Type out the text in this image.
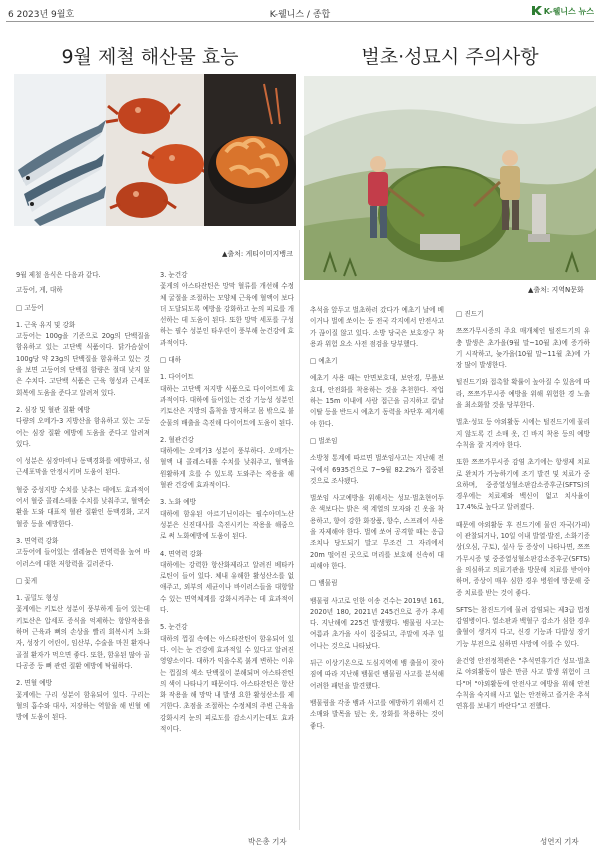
6 2023년 9월호	K-웰니스 / 종합	K-웰니스 뉴스
9월 제철 해산물 효능
▲출처: 게티이미지뱅크

9월 제철 음식은 다음과 같다.

고등어, 게, 대하

□ 고등어

1. 근육 유지 및 강화

고등어는 100g을 기준으로 20g의 단백질을 함유하고 있는 고단백 식품이다. 닭가슴살이 100g당 약 23g의 단백질을 함유하고 있는 것을 보면 고등어의 단백질 함량은 절대 낮지 않은 수치다. 고단백 식품은 근육 형성과 근세포 회복에 도움을 준다고 알려져 있다.

2. 심장 및 혈관 질환 예방

다량의 오메가-3 지방산을 함유하고 있는 고등어는 심장 질환 예방에 도움을 준다고 알려져 있다.

이 성분은 심장마비나 동맥경화를 예방하고, 심근세포막을 안정시키며 도움이 된다.

혈중 중성지방 수치를 낮추는 데에도 효과적이어서 혈중 콜레스테롤 수치를 낮춰주고, 혈액순환을 도와 대표적 혈관 질환인 동맥경화, 고지혈증 등을 예방한다.

3. 면역력 강화

고등어에 들어있는 셀레늄은 면역력을 높여 바이러스에 대한 저항력을 길러준다.

□ 꽃게

1. 골밀도 형성

꽃게에는 키토산 성분이 풍부하게 들어 있는데 키토산은 압세포 증식을 억제하는 항암작용을 하며 근육과 뼈의 손상을 빨리 회복시켜 노화자, 성장기 어린이, 임산부, 수술을 마친 환자나 골절 환자가 먹으면 좋다. 또한, 함유된 많아 골다공증 등 뼈 관련 질환 예방에 탁월하다.

2. 면혈 예방

꽃게에는 구리 성분이 함유되어 있다. 구리는 혈의 흡수와 대사, 저장하는 역할을 해 빈혈 예방에 도움이 된다.

3. 눈건강

꽃게의 아스타잔틴은 망막 혈류를 개선해 수정체 굴절을 조절하는 모양체 근육에 혈액이 보다 더 도달되도록 예방을 강화하고 눈의 피로를 개선하는 데 도움이 된다. 또한 망막 세포를 구성하는 필수 성분인 타우린이 풍부해 눈건강에 효과적이다.

□ 대하

1. 다이어트

대하는 고단백 저지방 식품으로 다이어트에 효과적이다. 대하에 들어있는 건강 기능성 성분인 키토산은 지방의 흡착을 방지하고 몸 밖으로 불순물의 배출을 촉진해 다이어트에 도움이 된다.

2. 혈관건강

대하에는 오메가3 성분이 풍부하다. 오메가는 혈액 내 콜레스테롤 수치를 낮춰주고, 혈액을 원활하게 흐를 수 있도록 도와주는 작용을 해 혈관 건강에 효과적이다.

3. 노화 예방

대하에 함유된 아르기닌이라는 필수아미노산 성분은 신진대사를 촉진시키는 작용을 해줌으로 써 노화예방에 도움이 된다.

4. 면역력 강화

대하에는 강력한 항산화제라고 알려진 베타카로틴이 들어 있다. 체내 유해한 활성산소를 없애주고, 외부의 세균이나 바이러스들을 대항할 수 있는 면역체계를 강화시켜주는 데 효과적이다.

5. 눈건강

대하의 껍질 속에는 아스타잔틴이 함유되어 있다. 이는 눈 건강에 효과적일 수 있다고 알려진 영양소이다. 대하가 익을수록 붉게 변하는 이유는 껍질의 색소 단백질이 분해되며 아스타잔틴의 색이 나타나기 때문이다. 아스타잔틴은 항산화 작용을 해 망막 내 발생 요한 활성산소를 제거한다. 초점을 조절하는 수정체의 주변 근육을 강화시켜 눈의 피로도를 감소시키는데도 효과적이다.

박은총 기자
벌초·성묘시 주의사항
▲출처: 지역N문화

추석을 앞두고 벌초하러 갔다가 예초기 날에 베이거나 벌에 쏘이는 등 전국 각지에서 안전사고가 끊이질 않고 있다. 소방 당국은 보호장구 착용과 위험 요소 사전 점검을 당부했다.

□ 예초기

예초기 사용 때는 안면보호대, 보안경, 무릎보호대, 안전화를 착용하는 것을 추천한다. 작업하는 15m 이내에 사람 접근을 금지하고 칼날 이탈 등을 반드시 예초기 동력을 차단후 제거해야 한다.

□ 벌쏘임

소방청 통계에 따르면 벌쏘임사고는 지난해 전국에서 6935건으로 7~9월 82.2%가 집중된 것으로 조사됐다.

벌쏘임 사고예방을 위해서는 성묘·벌초현어두운 색보다는 밝은 색 계열의 모자와 긴 옷을 착용하고, 향이 강한 화장품, 향수, 스프레이 사용을 자제해야 한다. 벌에 쏘여 공격할 때는 응급조치나 당도되기 말고 무조건 그 자리에서 20m 떨어진 곳으로 머리를 보호해 신속히 대피해야 한다.

□ 뱀물림

뱀물림 사고로 인한 이송 건수는 2019년 161, 2020년 180, 2021년 245건으로 증가 추세다. 지난해에 225건 발생했다. 뱀물림 사고는 여름과 초가을 사이 집중되고, 주말에 자주 일어나는 것으로 나타났다.

뒤근 이상기온으로 도심지역에 뱀 출몰이 잦아짐에 따라 지난해 뱀물린 뱀물림 사고를 분석해 어려한 패턴을 발견했다.

뱀물림을 각종 뱀과 사고를 예방하기 위해서 긴 소매와 발목을 덮는 옷, 장화를 착용하는 것이 좋다.

□ 진드기

쯔쯔가무시증의 주요 매개체인 털진드기의 유충 발생은 초가을(9월 말~10월 초)에 증가하기 시작하고, 늦가을(10월 말~11월 초)에 가장 많이 발생한다.

털진드기와 접촉할 확률이 높아질 수 있음에 따라, 쯔쯔가무시증 예방을 위해 위험한 경 노출을 최소화할 것을 당부한다.

벌초·성묘 등 야외활동 시에는 털진드기에 물리지 않도록 긴 소매 옷, 긴 바지 착용 등의 예방수칙을 잘 지켜야 한다.

또한 쯔쯔가무시증 감염 초기에는 항생제 치료로 완치가 가능하기에 조기 발견 및 치료가 중요하며, 중증열성혈소판감소증후군(SFTS)의 경우에는 치료제와 백신이 없고 치사율이 17.4%로 높다고 알려졌다.

때문에 야외활동 후 진드기에 물린 자국(가피)이 관찰되거나, 10일 이내 발열·발진, 소화기증상(오심, 구토), 설사 등 증상이 나타나면, 쯔쯔가무시증 및 중증열성혈소판감소증후군(SFTS)을 의심하고 의료기관을 방문해 치료를 받아야 하며, 증상이 매우 심한 경우 병원에 방문해 중증 치료를 받는 것이 좋다.

SFTS는 참진드기에 물려 감염되는 제3급 법정감염병이다. 열소판과 백혈구 감소가 심한 경우 출혈이 생겨지 다고, 신경 기능과 다발성 장기 기능 부전으로 심하면 사망에 이를 수 있다.

윤건영 안전정책관은 "추석연휴기간 성묘·벌초로 야외활동이 많은 만큼 사고 발생 위험이 크다"며 "야외활동에 안전사고 예방을 위해 안전수칙을 숙지해 사고 없는 안전하고 즐거운 추석연휴를 보내기 바란다"고 전했다.

성연지 기자
